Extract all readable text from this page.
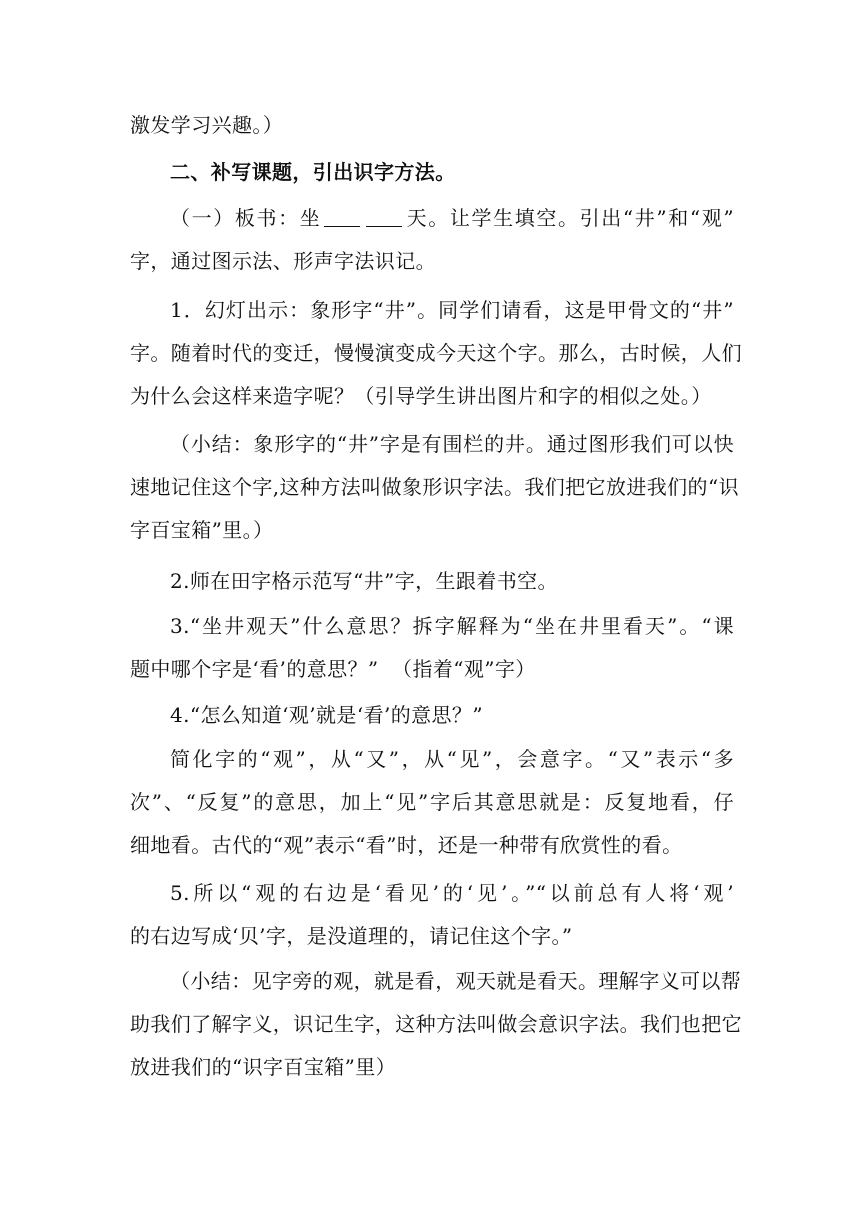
激发学习兴趣。）

二、补写课题，引出识字方法。

（一）板书：坐	天。让学生填空。引出“井”和“观”
字，通过图示法、形声字法识记。
1．幻灯出示：象形字“井”。同学们请看，这是甲骨文的“井”
字。随着时代的变迁，慢慢演变成今天这个字。那么，古时候，人们
为什么会这样来造字呢？（引导学生讲出图片和字的相似之处。）
（小结：象形字的“井”字是有围栏的井。通过图形我们可以快
速地记住这个字,这种方法叫做象形识字法。我们把它放进我们的“识
字百宝箱”里。）

2.师在田字格示范写“井”字，生跟着书空。

3.“坐井观天”什么意思？拆字解释为“坐在井里看天”。“课
题中哪个字是‘看’的意思？”  （指着“观”字）

4.“怎么知道‘观’就是‘看’的意思？”

简化字的“观”，从“又”，从“见”，会意字。“又”表示“多
次”、“反复”的意思，加上“见”字后其意思就是：反复地看，仔
细地看。古代的“观”表示“看”时，还是一种带有欣赏性的看。
5.所以“观的右边是‘看见’的‘见’。”“以前总有人将‘观’
的右边写成‘贝’字，是没道理的，请记住这个字。”
（小结：见字旁的观，就是看，观天就是看天。理解字义可以帮
助我们了解字义，识记生字，这种方法叫做会意识字法。我们也把它
放进我们的“识字百宝箱”里）
